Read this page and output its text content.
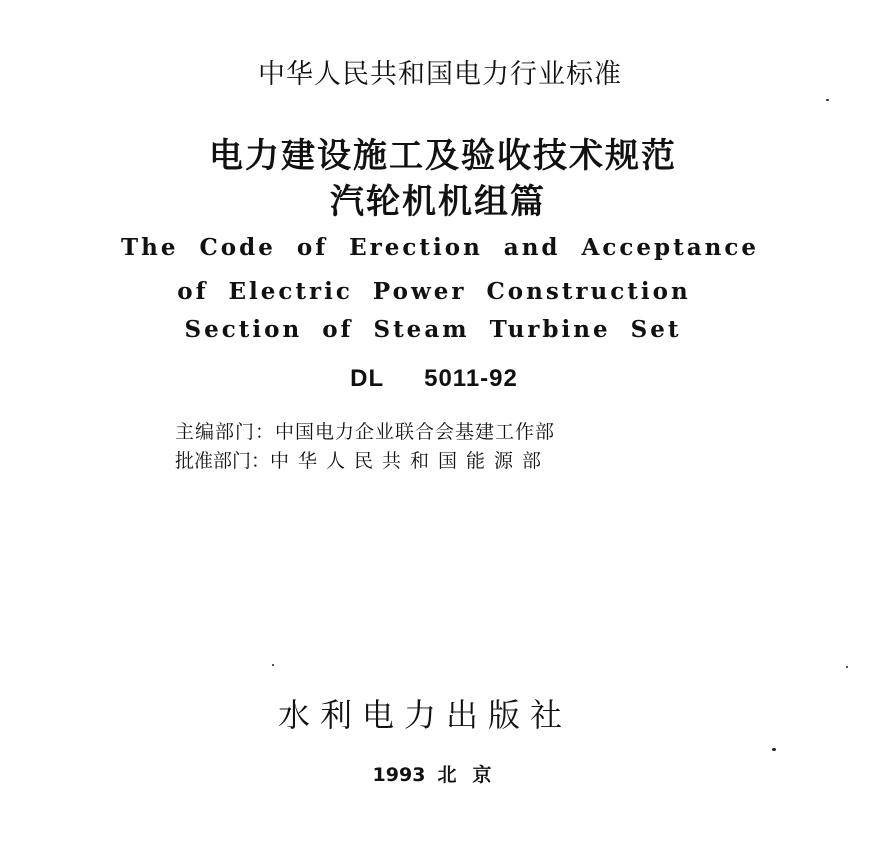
中华人民共和国电力行业标准
电力建设施工及验收技术规范
汽轮机机组篇
The Code of Erection and Acceptance
of Electric Power Construction
Section of Steam Turbine Set
DL 5011-92
主编部门：中国电力企业联合会基建工作部
批准部门：中华人民共和国能源部
水利电力出版社
1993 北京
